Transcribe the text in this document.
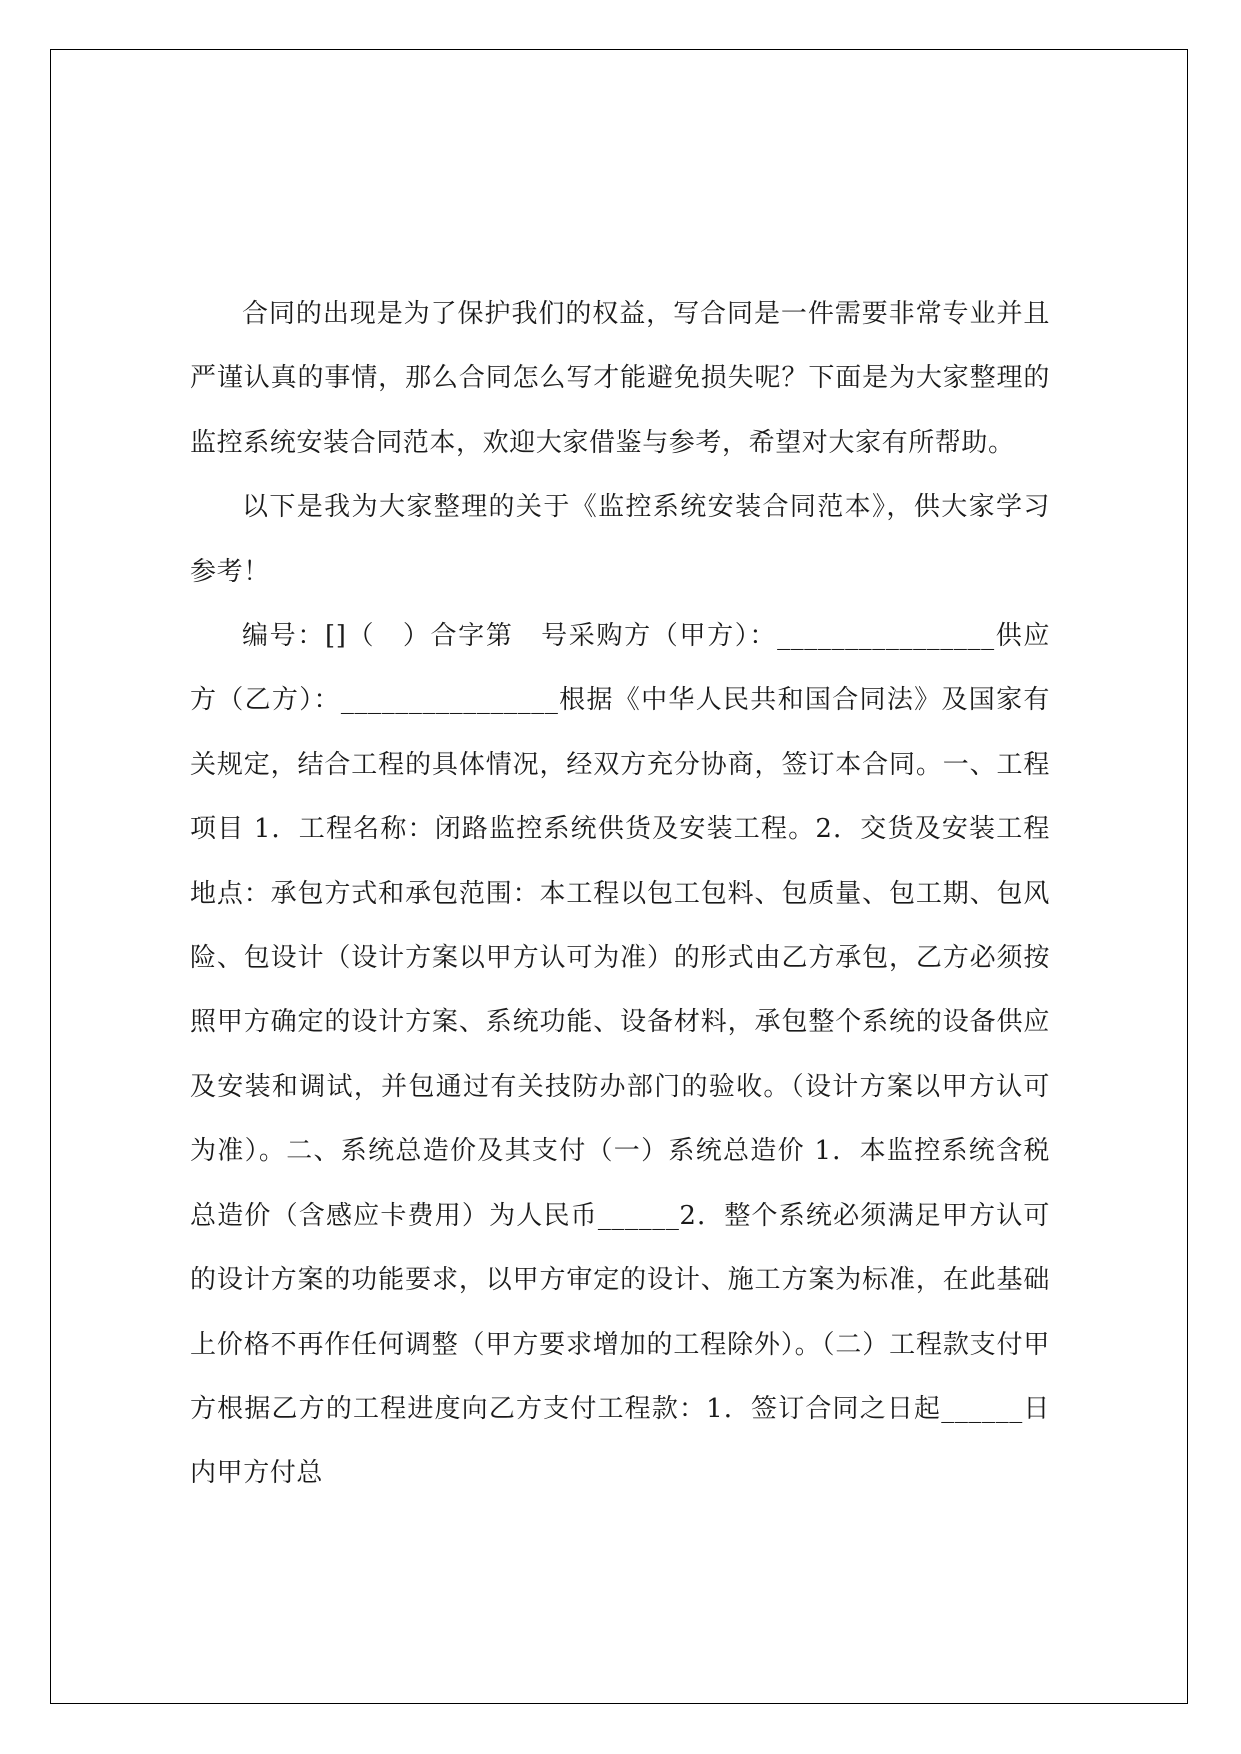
合同的出现是为了保护我们的权益，写合同是一件需要非常专业并且严谨认真的事情，那么合同怎么写才能避免损失呢？下面是为大家整理的监控系统安装合同范本，欢迎大家借鉴与参考，希望对大家有所帮助。

以下是我为大家整理的关于《监控系统安装合同范本》，供大家学习参考！

编号：[]（　）合字第　号采购方（甲方）：________________供应方（乙方）：________________根据《中华人民共和国合同法》及国家有关规定，结合工程的具体情况，经双方充分协商，签订本合同。一、工程项目 1．工程名称：闭路监控系统供货及安装工程。2．交货及安装工程地点：承包方式和承包范围：本工程以包工包料、包质量、包工期、包风险、包设计（设计方案以甲方认可为准）的形式由乙方承包，乙方必须按照甲方确定的设计方案、系统功能、设备材料，承包整个系统的设备供应及安装和调试，并包通过有关技防办部门的验收。（设计方案以甲方认可为准）。二、系统总造价及其支付（一）系统总造价 1．本监控系统含税总造价（含感应卡费用）为人民币______2．整个系统必须满足甲方认可的设计方案的功能要求，以甲方审定的设计、施工方案为标准，在此基础上价格不再作任何调整（甲方要求增加的工程除外）。（二）工程款支付甲方根据乙方的工程进度向乙方支付工程款：1．签订合同之日起______日内甲方付总
